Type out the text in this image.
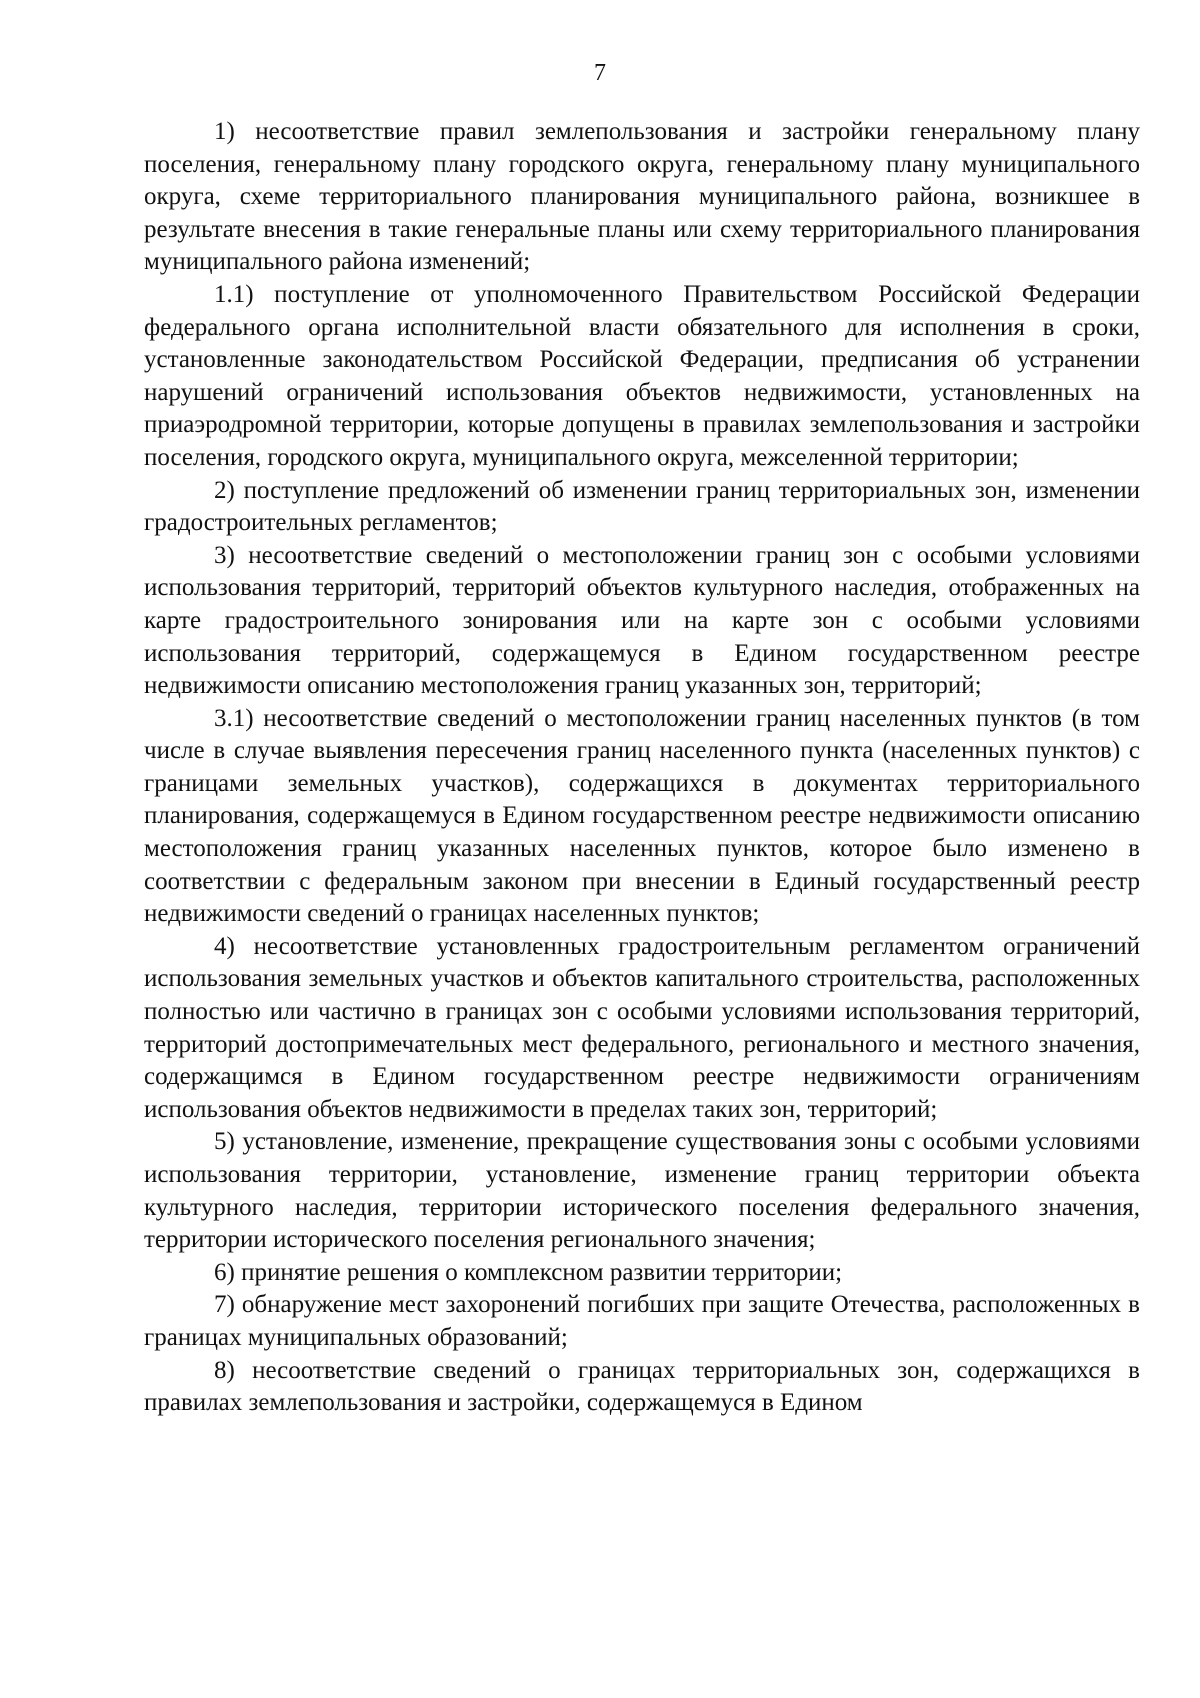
7

1) несоответствие правил землепользования и застройки генеральному плану поселения, генеральному плану городского округа, генеральному плану муниципального округа, схеме территориального планирования муниципального района, возникшее в результате внесения в такие генеральные планы или схему территориального планирования муниципального района изменений;

1.1) поступление от уполномоченного Правительством Российской Федерации федерального органа исполнительной власти обязательного для исполнения в сроки, установленные законодательством Российской Федерации, предписания об устранении нарушений ограничений использования объектов недвижимости, установленных на приаэродромной территории, которые допущены в правилах землепользования и застройки поселения, городского округа, муниципального округа, межселенной территории;

2) поступление предложений об изменении границ территориальных зон, изменении градостроительных регламентов;

3) несоответствие сведений о местоположении границ зон с особыми условиями использования территорий, территорий объектов культурного наследия, отображенных на карте градостроительного зонирования или на карте зон с особыми условиями использования территорий, содержащемуся в Едином государственном реестре недвижимости описанию местоположения границ указанных зон, территорий;

3.1) несоответствие сведений о местоположении границ населенных пунктов (в том числе в случае выявления пересечения границ населенного пункта (населенных пунктов) с границами земельных участков), содержащихся в документах территориального планирования, содержащемуся в Едином государственном реестре недвижимости описанию местоположения границ указанных населенных пунктов, которое было изменено в соответствии с федеральным законом при внесении в Единый государственный реестр недвижимости сведений о границах населенных пунктов;

4) несоответствие установленных градостроительным регламентом ограничений использования земельных участков и объектов капитального строительства, расположенных полностью или частично в границах зон с особыми условиями использования территорий, территорий достопримечательных мест федерального, регионального и местного значения, содержащимся в Едином государственном реестре недвижимости ограничениям использования объектов недвижимости в пределах таких зон, территорий;

5) установление, изменение, прекращение существования зоны с особыми условиями использования территории, установление, изменение границ территории объекта культурного наследия, территории исторического поселения федерального значения, территории исторического поселения регионального значения;

6) принятие решения о комплексном развитии территории;

7) обнаружение мест захоронений погибших при защите Отечества, расположенных в границах муниципальных образований;

8) несоответствие сведений о границах территориальных зон, содержащихся в правилах землепользования и застройки, содержащемуся в Едином
